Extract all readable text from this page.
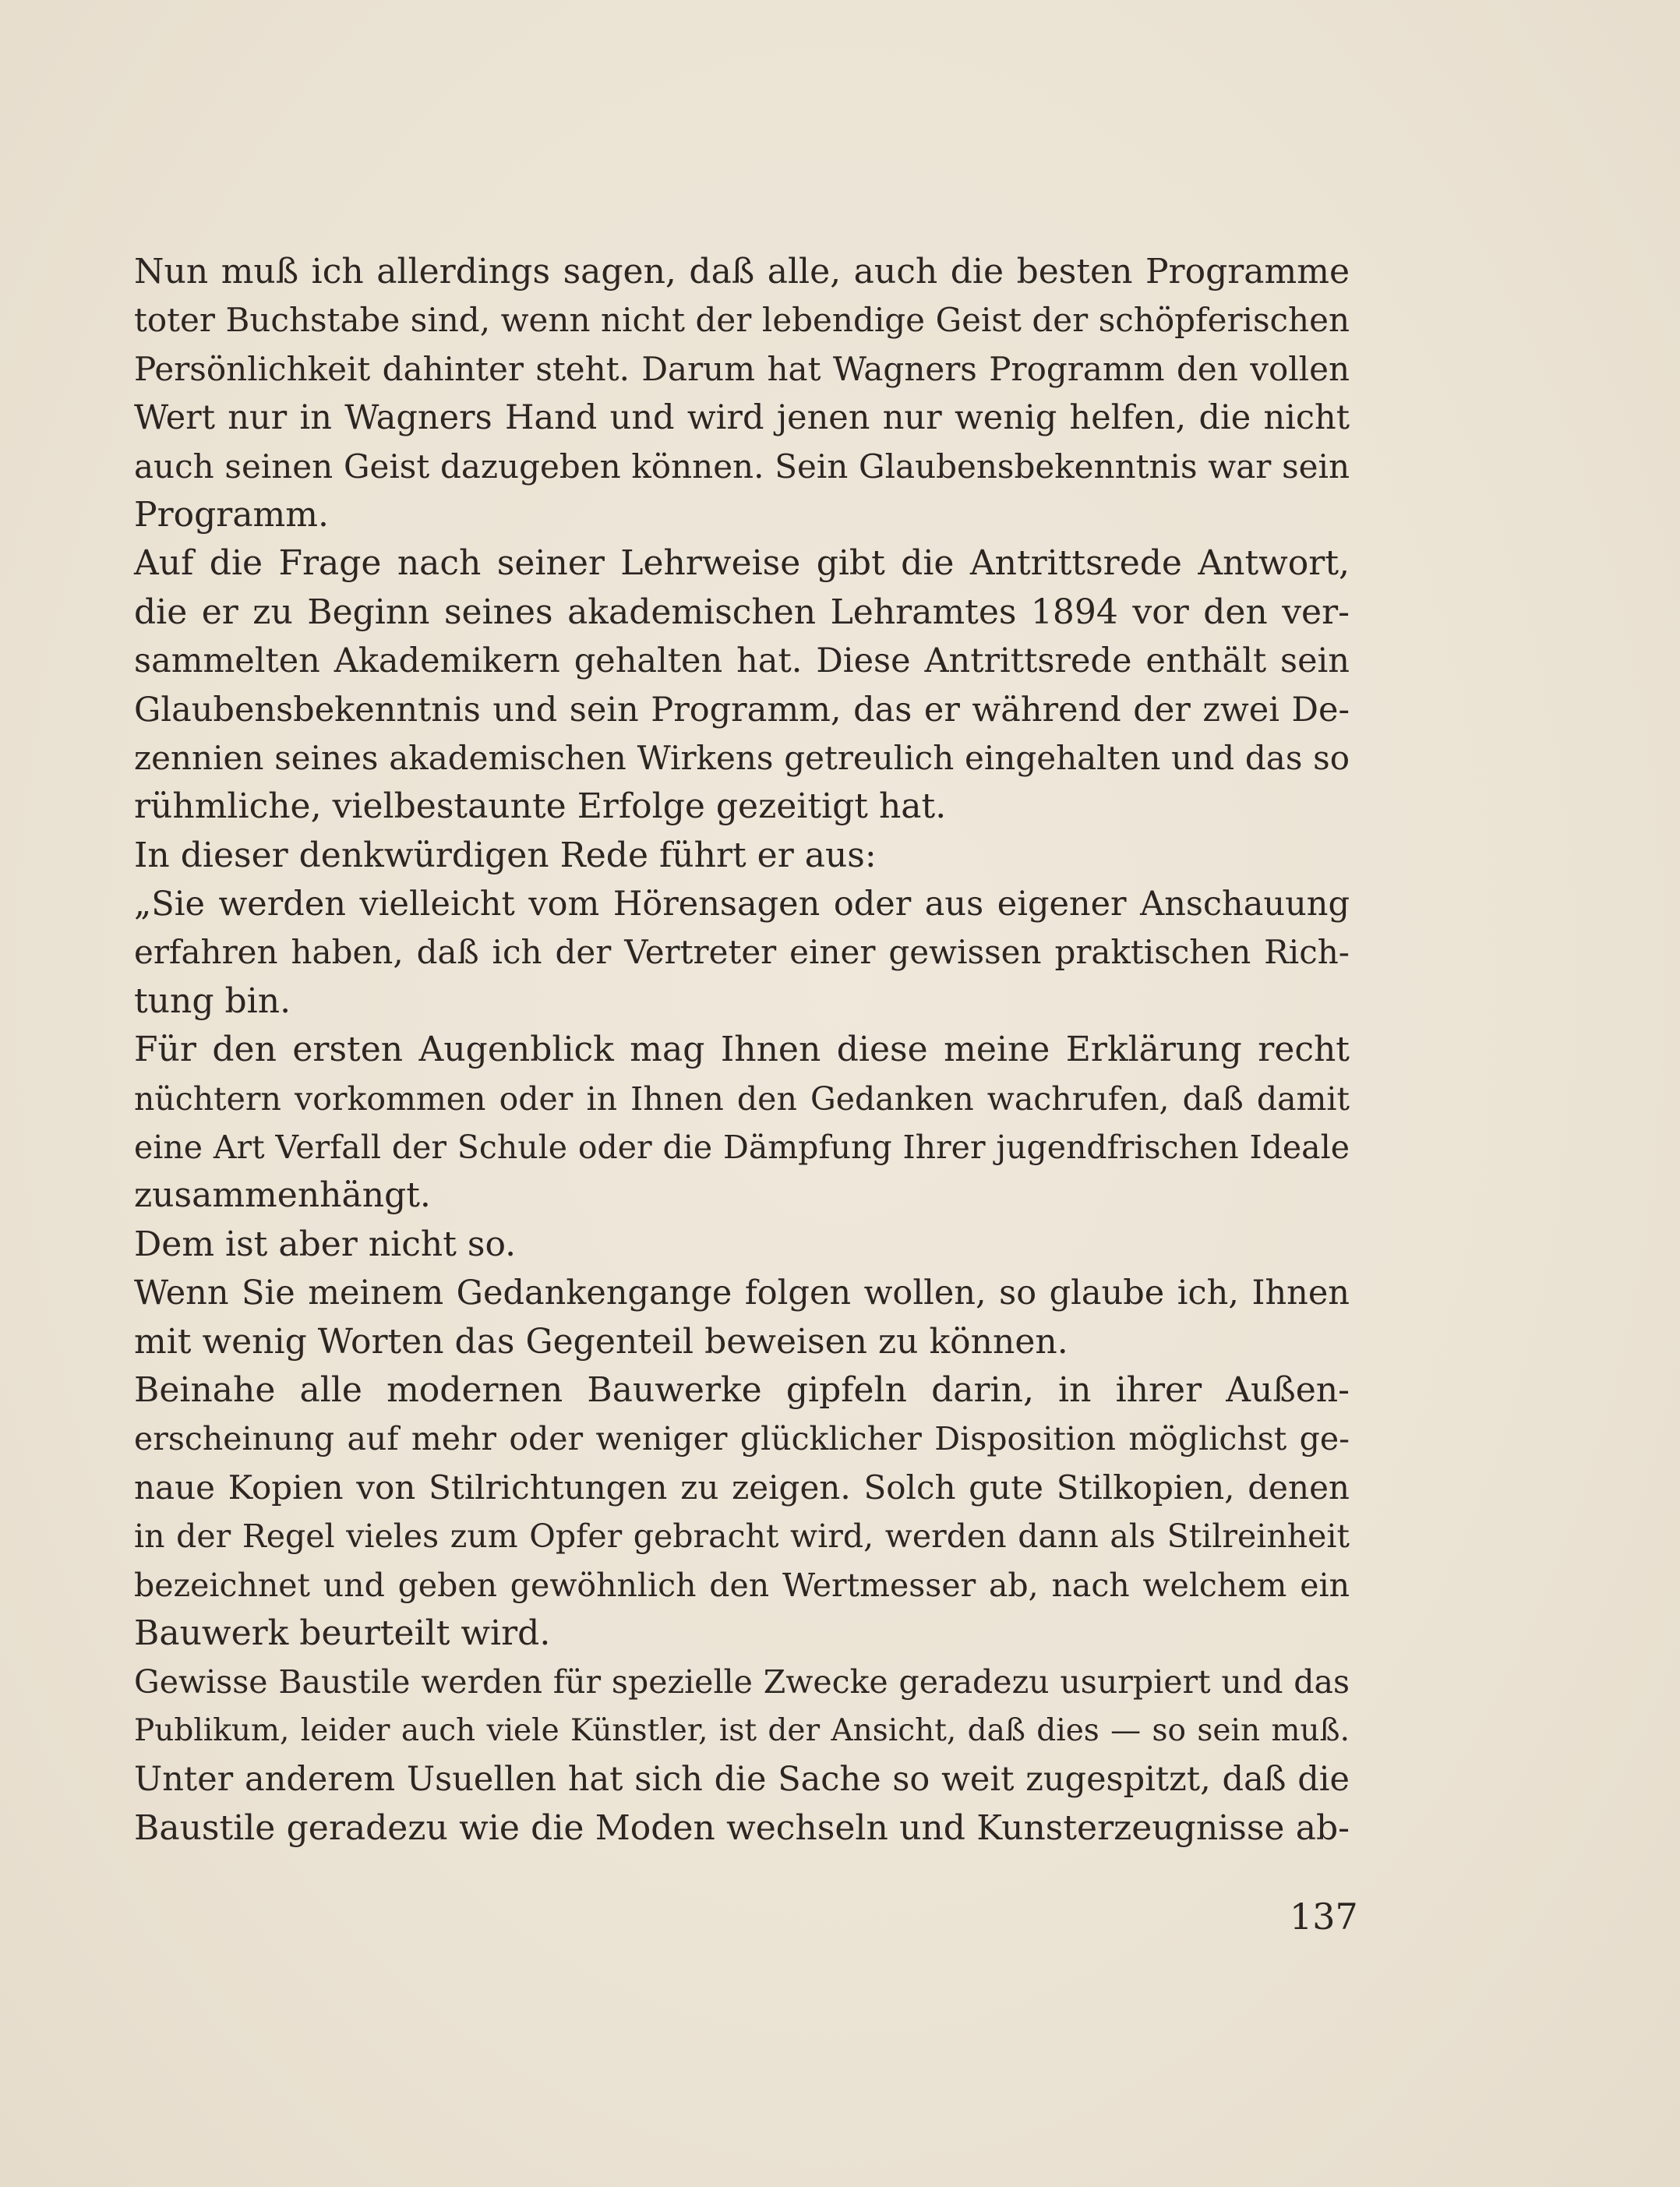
Nun muß ich allerdings sagen, daß alle, auch die besten Programme
toter Buchstabe sind, wenn nicht der lebendige Geist der schöpferischen
Persönlichkeit dahinter steht. Darum hat Wagners Programm den vollen
Wert nur in Wagners Hand und wird jenen nur wenig helfen, die nicht
auch seinen Geist dazugeben können. Sein Glaubensbekenntnis war sein
Programm.
Auf die Frage nach seiner Lehrweise gibt die Antrittsrede Antwort,
die er zu Beginn seines akademischen Lehramtes 1894 vor den ver-
sammelten Akademikern gehalten hat. Diese Antrittsrede enthält sein
Glaubensbekenntnis und sein Programm, das er während der zwei De-
zennien seines akademischen Wirkens getreulich eingehalten und das so
rühmliche, vielbestaunte Erfolge gezeitigt hat.
In dieser denkwürdigen Rede führt er aus:
„Sie werden vielleicht vom Hörensagen oder aus eigener Anschauung
erfahren haben, daß ich der Vertreter einer gewissen praktischen Rich-
tung bin.
Für den ersten Augenblick mag Ihnen diese meine Erklärung recht
nüchtern vorkommen oder in Ihnen den Gedanken wachrufen, daß damit
eine Art Verfall der Schule oder die Dämpfung Ihrer jugendfrischen Ideale
zusammenhängt.
Dem ist aber nicht so.
Wenn Sie meinem Gedankengange folgen wollen, so glaube ich, Ihnen
mit wenig Worten das Gegenteil beweisen zu können.
Beinahe alle modernen Bauwerke gipfeln darin, in ihrer Außen-
erscheinung auf mehr oder weniger glücklicher Disposition möglichst ge-
naue Kopien von Stilrichtungen zu zeigen. Solch gute Stilkopien, denen
in der Regel vieles zum Opfer gebracht wird, werden dann als Stilreinheit
bezeichnet und geben gewöhnlich den Wertmesser ab, nach welchem ein
Bauwerk beurteilt wird.
Gewisse Baustile werden für spezielle Zwecke geradezu usurpiert und das
Publikum, leider auch viele Künstler, ist der Ansicht, daß dies — so sein muß.
Unter anderem Usuellen hat sich die Sache so weit zugespitzt, daß die
Baustile geradezu wie die Moden wechseln und Kunsterzeugnisse ab-
137
